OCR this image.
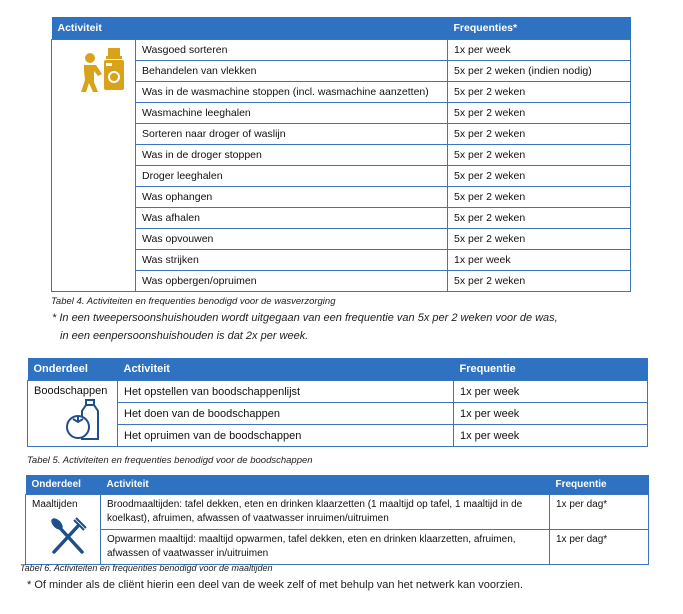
Activiteit		Frequenties*

	Wasgoed sorteren	1x per week
	Behandelen van vlekken	5x per 2 weken (indien nodig)
	Was in de wasmachine stoppen (incl. wasmachine aanzetten)	5x per 2 weken
	Wasmachine leeghalen	5x per 2 weken
	Sorteren naar droger of waslijn	5x per 2 weken
	Was in de droger stoppen	5x per 2 weken
	Droger leeghalen	5x per 2 weken
	Was ophangen	5x per 2 weken
	Was afhalen	5x per 2 weken
	Was opvouwen	5x per 2 weken
	Was strijken	1x per week
	Was opbergen/opruimen	5x per 2 weken
Tabel 4. Activiteiten en frequenties benodigd voor de wasverzorging
* In een tweepersoonshuishouden wordt uitgegaan van een frequentie van 5x per 2 weken voor de was,
in een eenpersoonshuishouden is dat 2x per week.
Onderdeel	Activiteit	Frequentie

Boodschappen	Het opstellen van boodschappenlijst	1x per week
	Het doen van de boodschappen	1x per week
	Het opruimen van de boodschappen	1x per week
Tabel 5. Activiteiten en frequenties benodigd voor de boodschappen
Onderdeel	Activiteit	Frequentie

Maaltijden	Broodmaaltijden: tafel dekken, eten en drinken klaarzetten (1 maaltijd op tafel, 1 maaltijd in de
koelkast), afruimen, afwassen of vaatwasser inruimen/uitruimen	1x per dag*

	Opwarmen maaltijd: maaltijd opwarmen, tafel dekken, eten en drinken klaarzetten, afruimen,
afwassen of vaatwasser in/uitruimen	1x per dag*
Tabel 6. Activiteiten en frequenties benodigd voor de maaltijden
* Of minder als de cliënt hierin een deel van de week zelf of met behulp van het netwerk kan voorzien.
